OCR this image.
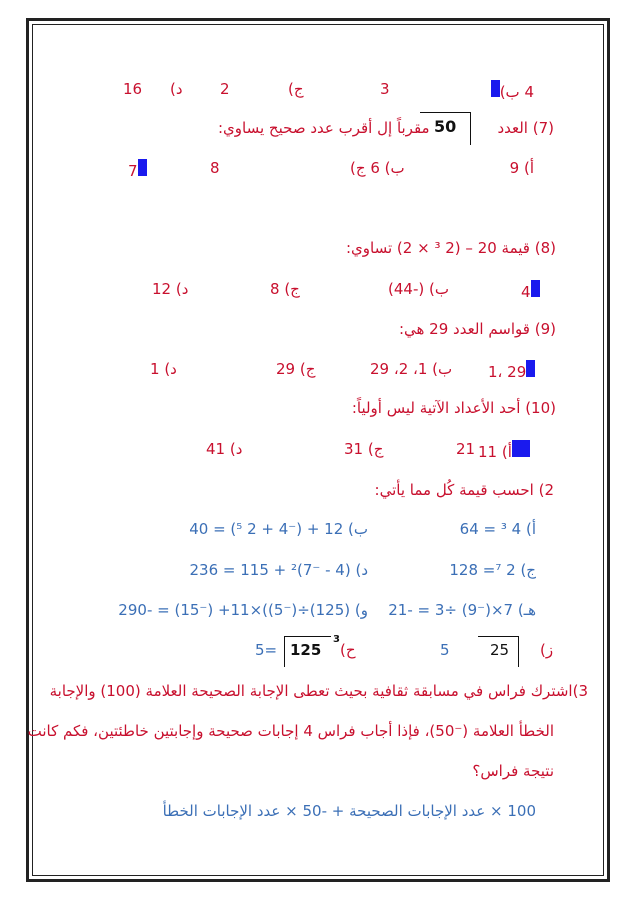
4 ب)
3
ج)
2
د)
16
(7) العدد
50
مقرباً إل أقرب عدد صحيح يساوي:
أ) 9
ب) 6 ج)
8
7
(8) قيمة 20 – (2 ³ × 2) تساوي:
4
ب) (-44)
ج) 8
د) 12
(9) قواسم العدد 29 هي:
1، 29
ب) 1، 2، 29
ج) 29
د) 1
(10) أحد الأعداد الآتية ليس أولياً:
أ) 11
21
ج) 31
د) 41
2) احسب قيمة كُل مما يأتي:
أ) 4 ³ = 64
ب) 12 + (⁻4 + 2 ⁵) = 40
ج) 2 ⁷= 128
د) (4 - ⁻7)² + 115 = 236
هـ) 7×(⁻9) ÷3 = -21
و) (125)÷(⁻5))×11+ (⁻15) = -290
ز)
25
5
ح)
3
125
5=
3)اشترك فراس في مسابقة ثقافية بحيث تعطى الإجابة الصحيحة العلامة (100) والإجابة
الخطأ العلامة (⁻50)، فإذا أجاب فراس 4 إجابات صحيحة وإجابتين خاطئتين، فكم كانت
نتيجة فراس؟
100 × عدد الإجابات الصحيحة + -50 × عدد الإجابات الخطأ
